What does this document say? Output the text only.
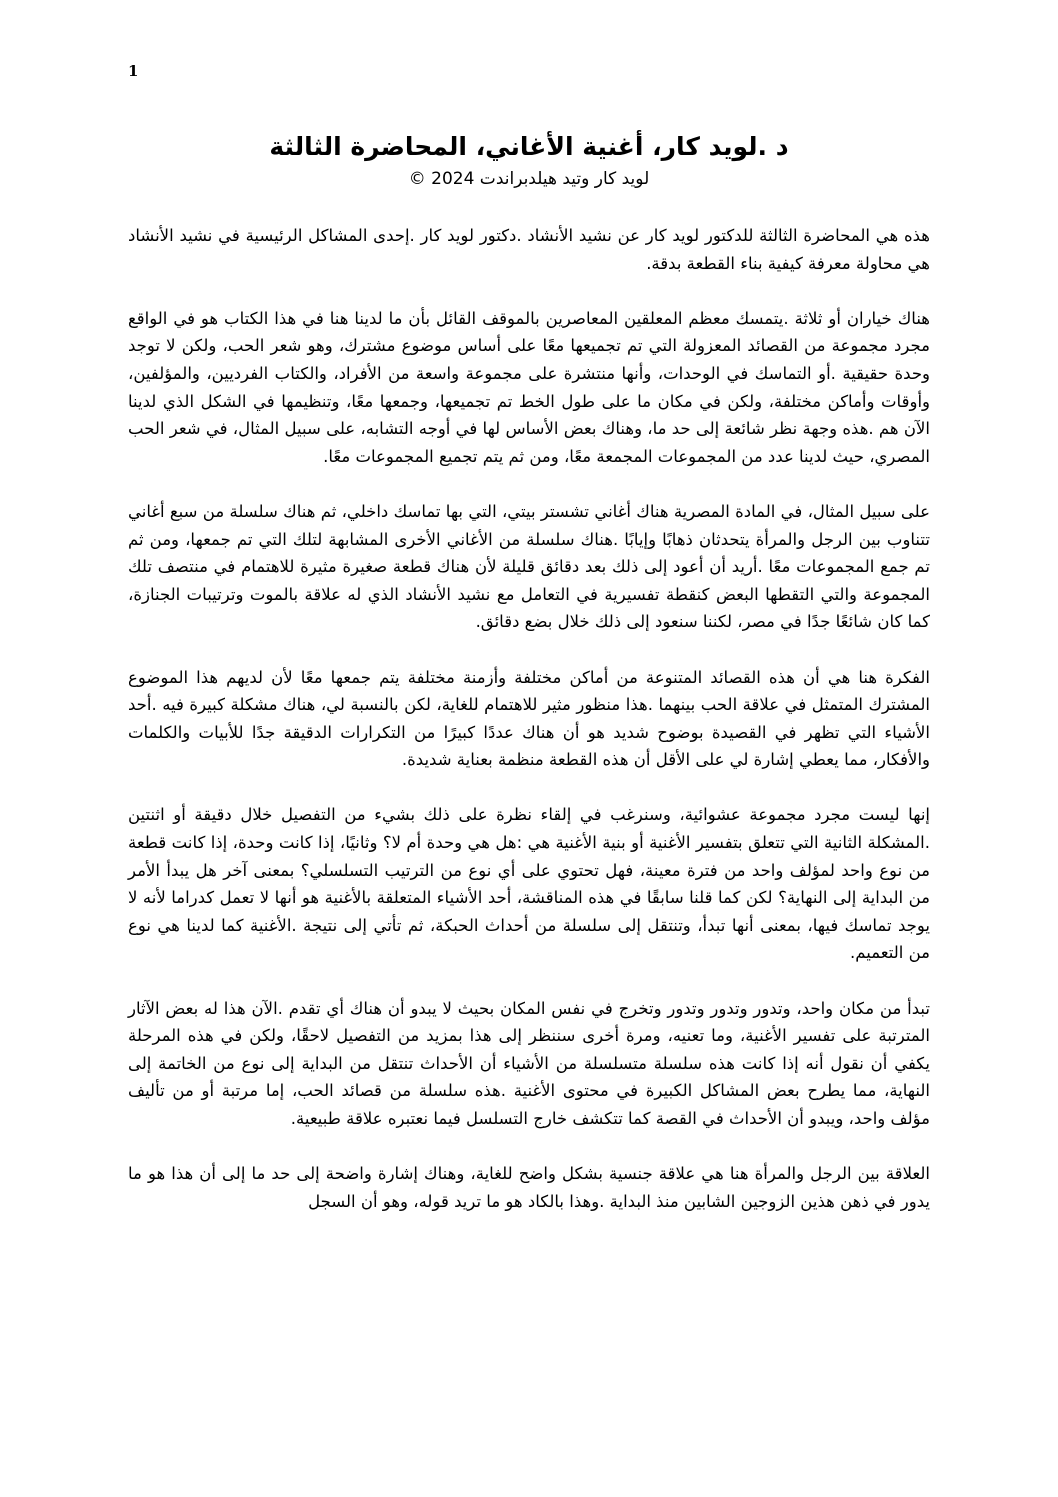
1
د .لويد كار، أغنية الأغاني، المحاضرة الثالثة
لويد كار وتيد هيلدبراندت 2024 ©

هذه هي المحاضرة الثالثة للدكتور لويد كار عن نشيد الأنشاد .دكتور لويد كار .إحدى المشاكل الرئيسية في نشيد الأنشاد هي محاولة معرفة كيفية بناء القطعة بدقة.

هناك خياران أو ثلاثة .يتمسك معظم المعلقين المعاصرين بالموقف القائل بأن ما لدينا هنا في هذا الكتاب هو في الواقع مجرد مجموعة من القصائد المعزولة التي تم تجميعها معًا على أساس موضوع مشترك، وهو شعر الحب، ولكن لا توجد وحدة حقيقية .أو التماسك في الوحدات، وأنها منتشرة على مجموعة واسعة من الأفراد، والكتاب الفرديين، والمؤلفين، وأوقات وأماكن مختلفة، ولكن في مكان ما على طول الخط تم تجميعها، وجمعها معًا، وتنظيمها في الشكل الذي لدينا الآن هم .هذه وجهة نظر شائعة إلى حد ما، وهناك بعض الأساس لها في أوجه التشابه، على سبيل المثال، في شعر الحب المصري، حيث لدينا عدد من المجموعات المجمعة معًا، ومن ثم يتم تجميع المجموعات معًا.

على سبيل المثال، في المادة المصرية هناك أغاني تشستر بيتي، التي بها تماسك داخلي، ثم هناك سلسلة من سبع أغاني تتناوب بين الرجل والمرأة يتحدثان ذهابًا وإيابًا .هناك سلسلة من الأغاني الأخرى المشابهة لتلك التي تم جمعها، ومن ثم تم جمع المجموعات معًا .أريد أن أعود إلى ذلك بعد دقائق قليلة لأن هناك قطعة صغيرة مثيرة للاهتمام في منتصف تلك المجموعة والتي التقطها البعض كنقطة تفسيرية في التعامل مع نشيد الأنشاد الذي له علاقة بالموت وترتيبات الجنازة، كما كان شائعًا جدًا في مصر، لكننا سنعود إلى ذلك خلال بضع دقائق.

الفكرة هنا هي أن هذه القصائد المتنوعة من أماكن مختلفة وأزمنة مختلفة يتم جمعها معًا لأن لديهم هذا الموضوع المشترك المتمثل في علاقة الحب بينهما .هذا منظور مثير للاهتمام للغاية، لكن بالنسبة لي، هناك مشكلة كبيرة فيه .أحد الأشياء التي تظهر في القصيدة بوضوح شديد هو أن هناك عددًا كبيرًا من التكرارات الدقيقة جدًا للأبيات والكلمات والأفكار، مما يعطي إشارة لي على الأقل أن هذه القطعة منظمة بعناية شديدة.

إنها ليست مجرد مجموعة عشوائية، وسنرغب في إلقاء نظرة على ذلك بشيء من التفصيل خلال دقيقة أو اثنتين .المشكلة الثانية التي تتعلق بتفسير الأغنية أو بنية الأغنية هي :هل هي وحدة أم لا؟ وثانيًا، إذا كانت وحدة، إذا كانت قطعة من نوع واحد لمؤلف واحد من فترة معينة، فهل تحتوي على أي نوع من الترتيب التسلسلي؟ بمعنى آخر هل يبدأ الأمر من البداية إلى النهاية؟ لكن كما قلنا سابقًا في هذه المناقشة، أحد الأشياء المتعلقة بالأغنية هو أنها لا تعمل كدراما لأنه لا يوجد تماسك فيها، بمعنى أنها تبدأ، وتنتقل إلى سلسلة من أحداث الحبكة، ثم تأتي إلى نتيجة .الأغنية كما لدينا هي نوع من التعميم.

تبدأ من مكان واحد، وتدور وتدور وتدور وتخرج في نفس المكان بحيث لا يبدو أن هناك أي تقدم .الآن هذا له بعض الآثار المترتبة على تفسير الأغنية، وما تعنيه، ومرة أخرى سننظر إلى هذا بمزيد من التفصيل لاحقًا، ولكن في هذه المرحلة يكفي أن نقول أنه إذا كانت هذه سلسلة متسلسلة من الأشياء أن الأحداث تنتقل من البداية إلى نوع من الخاتمة إلى النهاية، مما يطرح بعض المشاكل الكبيرة في محتوى الأغنية .هذه سلسلة من قصائد الحب، إما مرتبة أو من تأليف مؤلف واحد، ويبدو أن الأحداث في القصة كما تتكشف خارج التسلسل فيما نعتبره علاقة طبيعية.

العلاقة بين الرجل والمرأة هنا هي علاقة جنسية بشكل واضح للغاية، وهناك إشارة واضحة إلى حد ما إلى أن هذا هو ما يدور في ذهن هذين الزوجين الشابين منذ البداية .وهذا بالكاد هو ما تريد قوله، وهو أن السجل
